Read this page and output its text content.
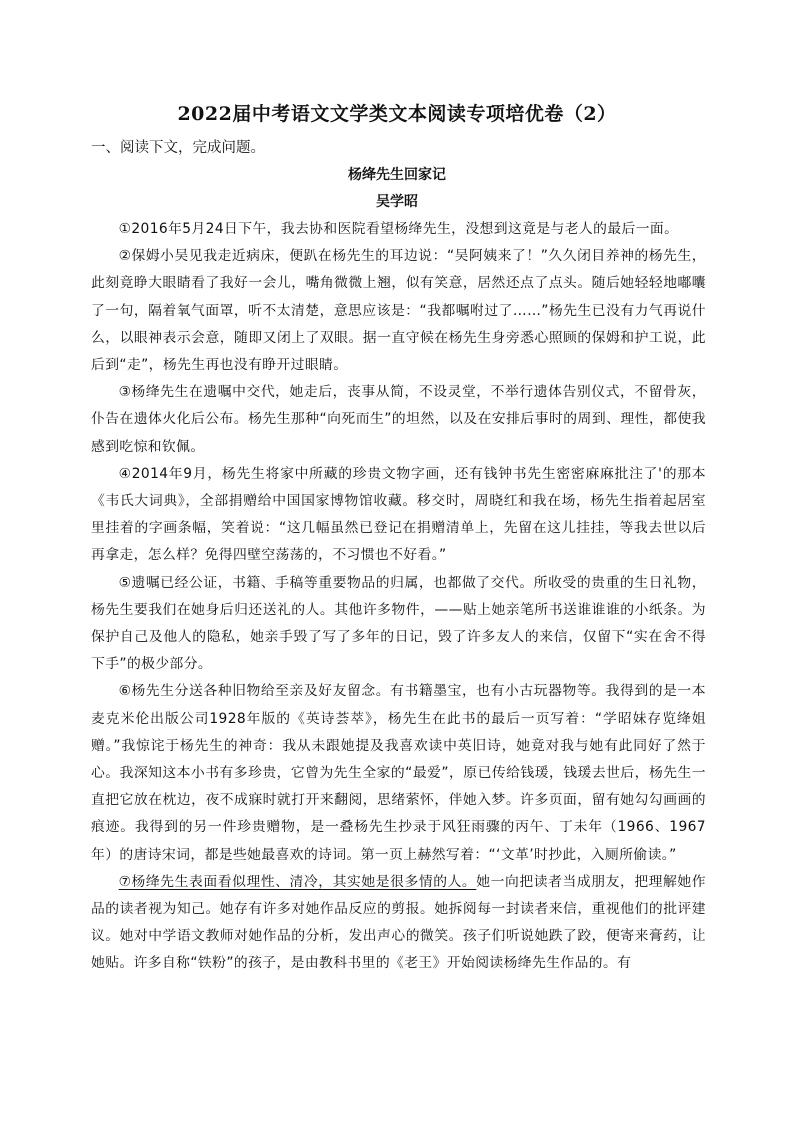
2022届中考语文文学类文本阅读专项培优卷（2）
一、阅读下文，完成问题。
杨绛先生回家记
吴学昭

①2016年5月24日下午，我去协和医院看望杨绛先生，没想到这竟是与老人的最后一面。

②保姆小吴见我走近病床，便趴在杨先生的耳边说：“吴阿姨来了！”久久闭目养神的杨先生，此刻竟睁大眼睛看了我好一会儿，嘴角微微上翘，似有笑意，居然还点了点头。随后她轻轻地嘟囔了一句，隔着氧气面罩，听不太清楚，意思应该是：“我都嘱咐过了……”杨先生已没有力气再说什么，以眼神表示会意，随即又闭上了双眼。据一直守候在杨先生身旁悉心照顾的保姆和护工说，此后到“走”，杨先生再也没有睁开过眼睛。

③杨绛先生在遗嘱中交代，她走后，丧事从简，不设灵堂，不举行遗体告别仪式，不留骨灰，仆告在遗体火化后公布。杨先生那种“向死而生”的坦然，以及在安排后事时的周到、理性，都使我感到吃惊和钦佩。

④2014年9月，杨先生将家中所藏的珍贵文物字画，还有钱钟书先生密密麻麻批注了'的那本《韦氏大词典》，全部捐赠给中国国家博物馆收藏。移交时，周晓红和我在场，杨先生指着起居室里挂着的字画条幅，笑着说：“这几幅虽然已登记在捐赠清单上，先留在这儿挂挂，等我去世以后再拿走，怎么样？免得四壁空荡荡的，不习惯也不好看。”

⑤遗嘱已经公证，书籍、手稿等重要物品的归属，也都做了交代。所收受的贵重的生日礼物，杨先生要我们在她身后归还送礼的人。其他许多物件，——贴上她亲笔所书送谁谁谁的小纸条。为保护自己及他人的隐私，她亲手毁了写了多年的日记，毁了许多友人的来信，仅留下“实在舍不得下手”的极少部分。

⑥杨先生分送各种旧物给至亲及好友留念。有书籍墨宝，也有小古玩器物等。我得到的是一本麦克米伦出版公司1928年版的《英诗荟萃》，杨先生在此书的最后一页写着：“学昭妹存览绛姐赠。”我惊诧于杨先生的神奇：我从未跟她提及我喜欢读中英旧诗，她竟对我与她有此同好了然于心。我深知这本小书有多珍贵，它曾为先生全家的“最爱”，原已传给钱瑗，钱瑗去世后，杨先生一直把它放在枕边，夜不成寐时就打开来翻阅，思绪萦怀，伴她入梦。许多页面，留有她勾勾画画的痕迹。我得到的另一件珍贵赠物，是一叠杨先生抄录于风狂雨骤的丙午、丁未年（1966、1967年）的唐诗宋词，都是些她最喜欢的诗词。第一页上赫然写着：“‘文革’时抄此，入厕所偷读。”

⑦杨绛先生表面看似理性、清冷，其实她是很多情的人。她一向把读者当成朋友，把理解她作品的读者视为知己。她存有许多对她作品反应的剪报。她拆阅每一封读者来信，重视他们的批评建议。她对中学语文教师对她作品的分析，发出声心的微笑。孩子们听说她跌了跤，便寄来膏药，让她贴。许多自称“铁粉”的孩子，是由教科书里的《老王》开始阅读杨绛先生作品的。有
